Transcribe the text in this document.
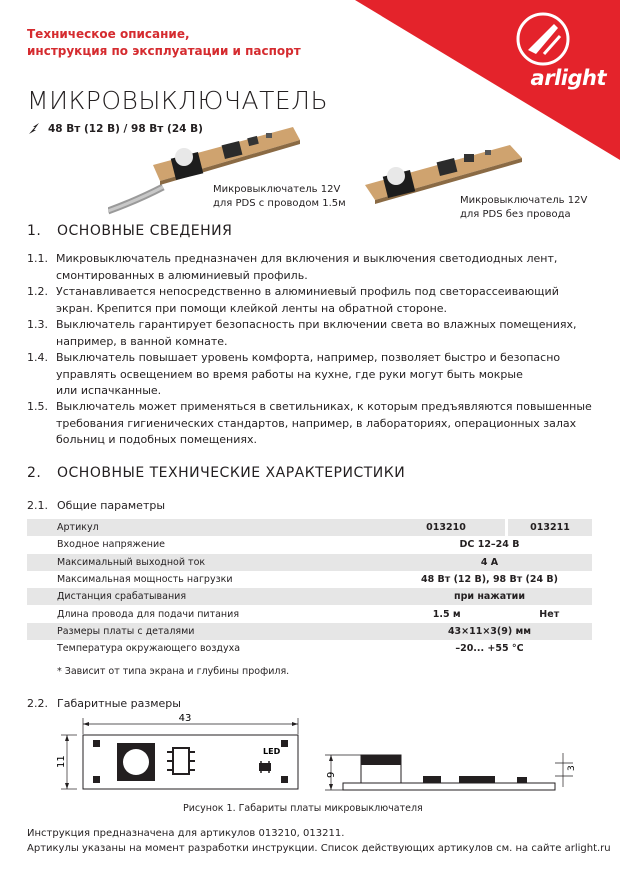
Техническое описание,
инструкция по эксплуатации и паспорт
arlight
МИКРОВЫКЛЮЧАТЕЛЬ
48 Вт (12 В) / 98 Вт (24 В)
Микровыключатель 12V
для PDS с проводом 1.5м	Микровыключатель 12V
для PDS без провода
1. ОСНОВНЫЕ СВЕДЕНИЯ
1.1. Микровыключатель предназначен для включения и выключения светодиодных лент,
смонтированных в алюминиевый профиль.
1.2. Устанавливается непосредственно в алюминиевый профиль под светорассеивающий
экран. Крепится при помощи клейкой ленты на обратной стороне.
1.3. Выключатель гарантирует безопасность при включении света во влажных помещениях,
например, в ванной комнате.
1.4. Выключатель повышает уровень комфорта, например, позволяет быстро и безопасно
управлять освещением во время работы на кухне, где руки могут быть мокрые
или испачканные.
1.5. Выключатель может применяться в светильниках, к которым предъявляются повышенные
требования гигиенических стандартов, например, в лабораториях, операционных залах
больниц и подобных помещениях.
2. ОСНОВНЫЕ ТЕХНИЧЕСКИЕ ХАРАКТЕРИСТИКИ
2.1. Общие параметры
Артикул	013210	013211
Входное напряжение	DC 12–24 В	
Максимальный выходной ток	4 А	
Максимальная мощность нагрузки	48 Вт (12 В), 98 Вт (24 В)	
Дистанция срабатывания	при нажатии	
Длина провода для подачи питания	1.5 м	Нет
Размеры платы с деталями	43×11×3(9) мм	
Температура окружающего воздуха	–20... +55 °C	
* Зависит от типа экрана и глубины профиля.
2.2. Габаритные размеры
43
11
LED
9
3
Рисунок 1. Габариты платы микровыключателя
Инструкция предназначена для артикулов 013210, 013211.
Артикулы указаны на момент разработки инструкции. Список действующих артикулов см. на сайте arlight.ru
